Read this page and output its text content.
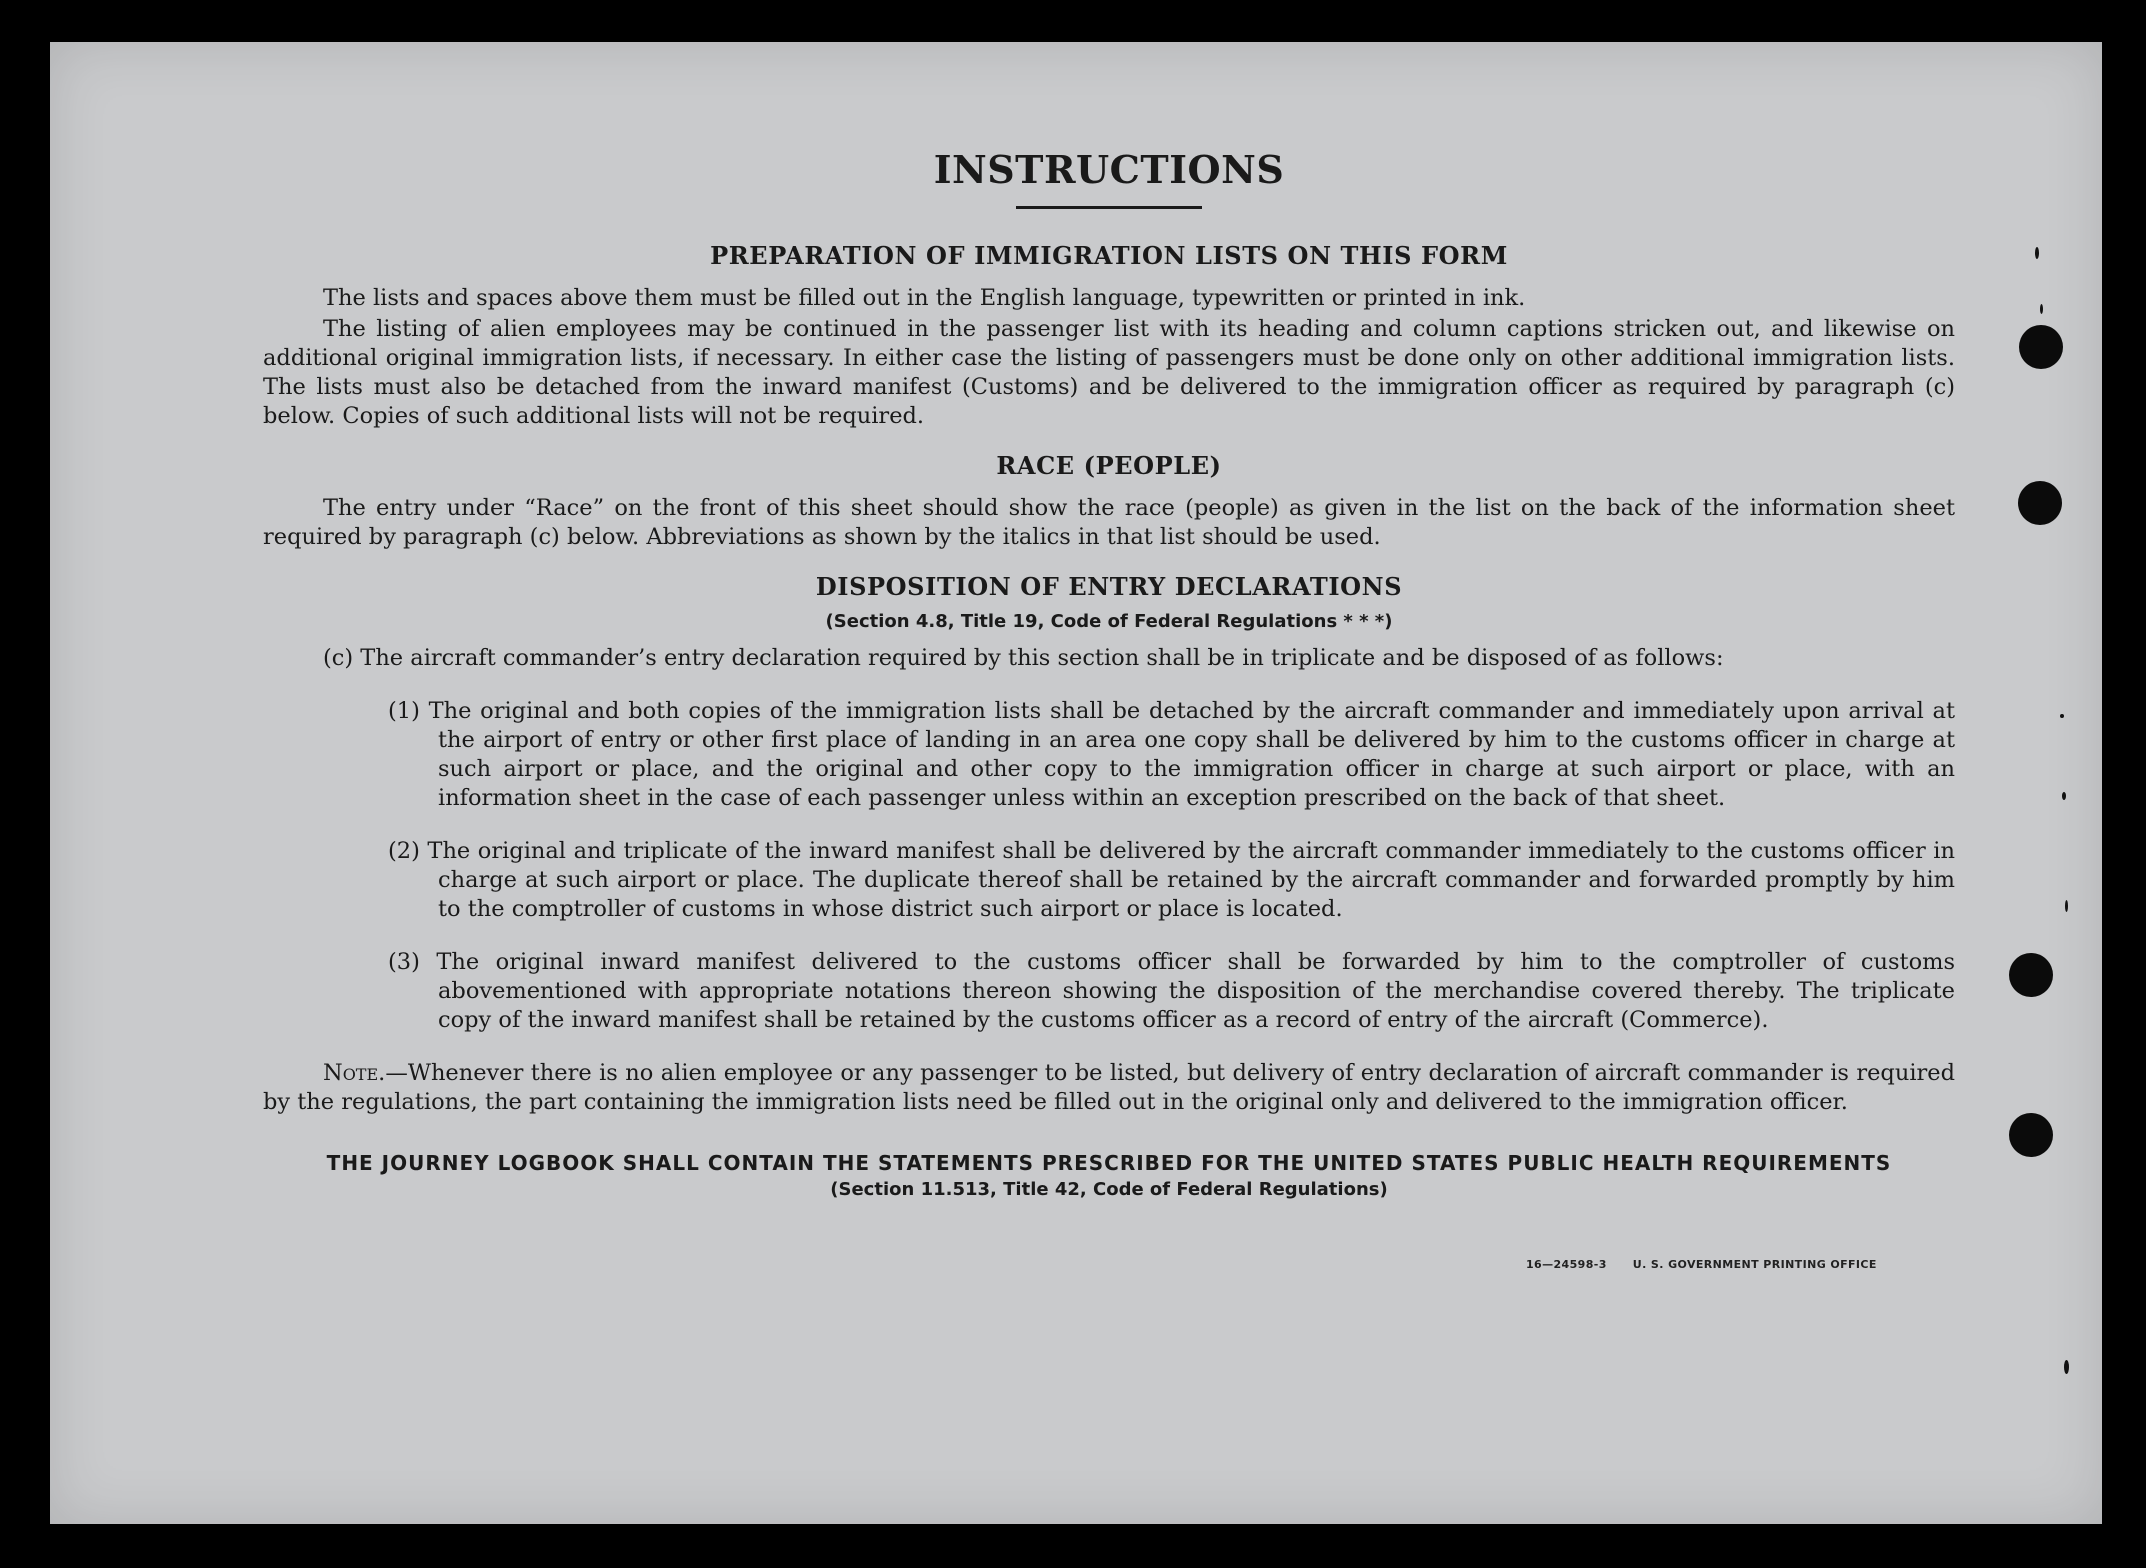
16—24598-3 U. S. GOVERNMENT PRINTING OFFICE
INSTRUCTIONS
PREPARATION OF IMMIGRATION LISTS ON THIS FORM

The lists and spaces above them must be filled out in the English language, typewritten or printed in ink.

The listing of alien employees may be continued in the passenger list with its heading and column captions stricken out, and likewise on additional original immigration lists, if necessary. In either case the listing of passengers must be done only on other additional immigration lists. The lists must also be detached from the inward manifest (Customs) and be delivered to the immigration officer as required by paragraph (c) below. Copies of such additional lists will not be required.

RACE (PEOPLE)

The entry under “Race” on the front of this sheet should show the race (people) as given in the list on the back of the information sheet required by paragraph (c) below. Abbreviations as shown by the italics in that list should be used.

DISPOSITION OF ENTRY DECLARATIONS
(Section 4.8, Title 19, Code of Federal Regulations * * *)

(c) The aircraft commander’s entry declaration required by this section shall be in triplicate and be disposed of as follows:

(1) The original and both copies of the immigration lists shall be detached by the aircraft commander and immediately upon arrival at the airport of entry or other first place of landing in an area one copy shall be delivered by him to the customs officer in charge at such airport or place, and the original and other copy to the immigration officer in charge at such airport or place, with an information sheet in the case of each passenger unless within an exception prescribed on the back of that sheet.
(2) The original and triplicate of the inward manifest shall be delivered by the aircraft commander immediately to the customs officer in charge at such airport or place. The duplicate thereof shall be retained by the aircraft commander and forwarded promptly by him to the comptroller of customs in whose district such airport or place is located.
(3) The original inward manifest delivered to the customs officer shall be forwarded by him to the comptroller of customs abovementioned with appropriate notations thereon showing the disposition of the merchandise covered thereby. The triplicate copy of the inward manifest shall be retained by the customs officer as a record of entry of the aircraft (Commerce).

Note.—Whenever there is no alien employee or any passenger to be listed, but delivery of entry declaration of aircraft commander is required by the regulations, the part containing the immigration lists need be filled out in the original only and delivered to the immigration officer.

THE JOURNEY LOGBOOK SHALL CONTAIN THE STATEMENTS PRESCRIBED FOR THE UNITED STATES PUBLIC HEALTH REQUIREMENTS
(Section 11.513, Title 42, Code of Federal Regulations)
